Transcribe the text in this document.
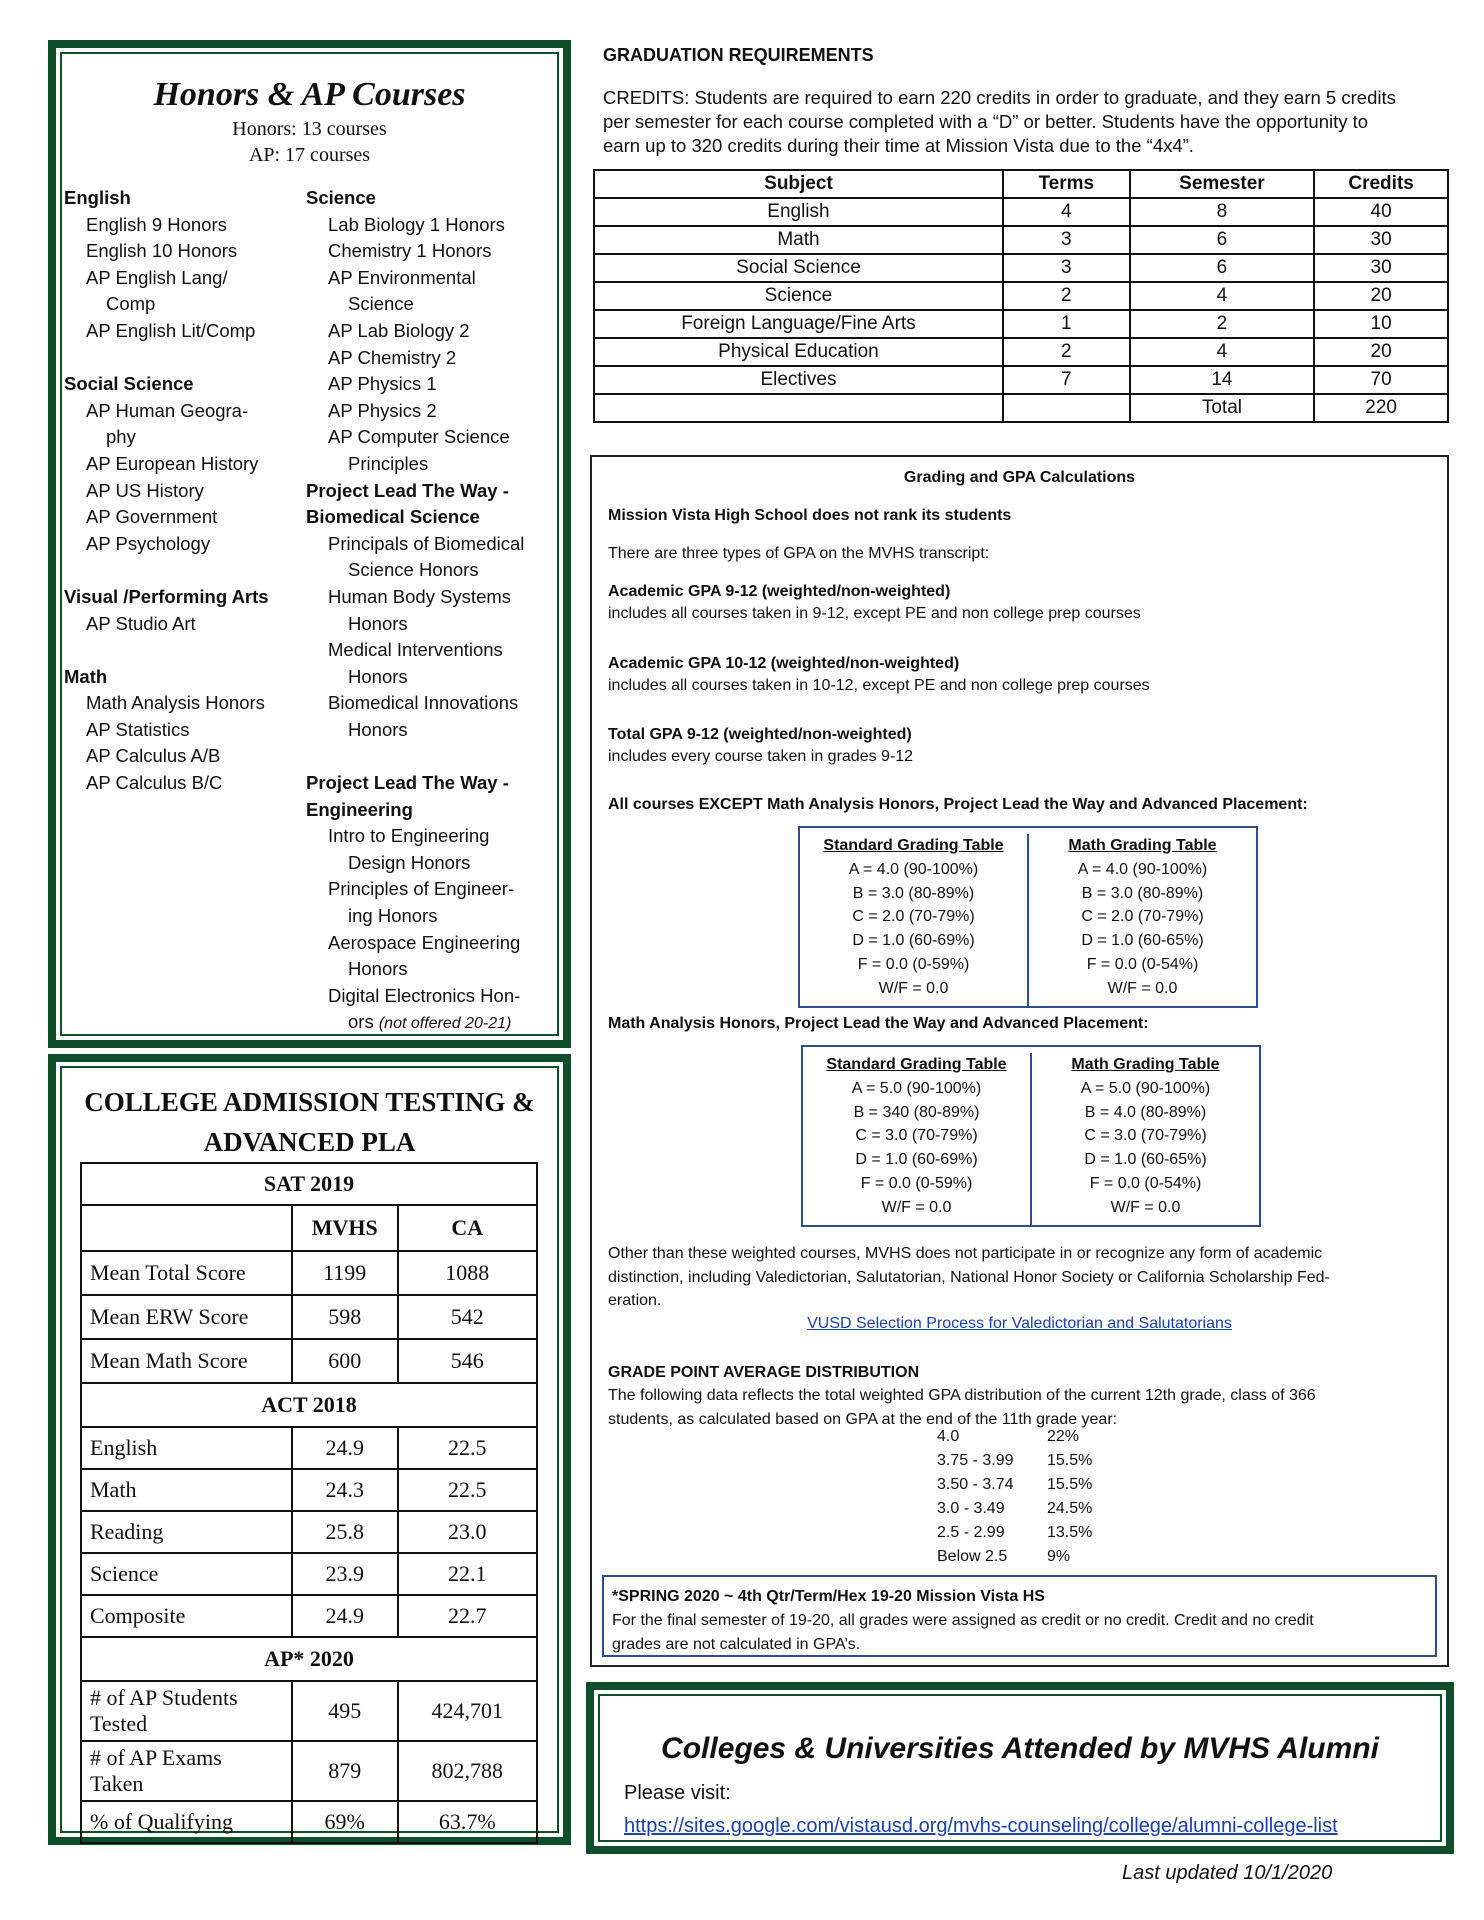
Honors & AP Courses
Honors: 13 courses
AP: 17 courses
English
English 9 Honors
English 10 Honors
AP English Lang/
Comp
AP English Lit/Comp
Social Science
AP Human Geogra-
phy
AP European History
AP US History
AP Government
AP Psychology
Visual /Performing Arts
AP Studio Art
Math
Math Analysis Honors
AP Statistics
AP Calculus A/B
AP Calculus B/C
Science
Lab Biology 1 Honors
Chemistry 1 Honors
AP Environmental
Science
AP Lab Biology 2
AP Chemistry 2
AP Physics 1
AP Physics 2
AP Computer Science
Principles
Project Lead The Way -
Biomedical Science
Principals of Biomedical
Science Honors
Human Body Systems
Honors
Medical Interventions
Honors
Biomedical Innovations
Honors
Project Lead The Way -
Engineering
Intro to Engineering
Design Honors
Principles of Engineer-
ing Honors
Aerospace Engineering
Honors
Digital Electronics Hon-
ors (not offered 20-21)
COLLEGE ADMISSION TESTING &
ADVANCED PLA
SAT 2019		
	MVHS	CA
Mean Total Score	1199	1088
Mean ERW Score	598	542
Mean Math Score	600	546
ACT 2018		
English	24.9	22.5
Math	24.3	22.5
Reading	25.8	23.0
Science	23.9	22.1
Composite	24.9	22.7
AP* 2020		

# of AP Students
Tested	495	424,701

# of AP Exams
Taken	879	802,788
% of Qualifying	69%	63.7%
GRADUATION REQUIREMENTS
CREDITS: Students are required to earn 220 credits in order to graduate, and they earn 5 credits
per semester for each course completed with a “D” or better. Students have the opportunity to
earn up to 320 credits during their time at Mission Vista due to the “4x4”.
Subject	Terms	Semester	Credits
English	4	8	40
Math	3	6	30
Social Science	3	6	30
Science	2	4	20
Foreign Language/Fine Arts	1	2	10
Physical Education	2	4	20
Electives	7	14	70
		Total	220
Grading and GPA Calculations
Mission Vista High School does not rank its students
There are three types of GPA on the MVHS transcript:
Academic GPA 9-12 (weighted/non-weighted)
includes all courses taken in 9-12, except PE and non college prep courses
Academic GPA 10-12 (weighted/non-weighted)
includes all courses taken in 10-12, except PE and non college prep courses
Total GPA 9-12 (weighted/non-weighted)
includes every course taken in grades 9-12
All courses EXCEPT Math Analysis Honors, Project Lead the Way and Advanced Placement:
Standard Grading Table
A = 4.0 (90-100%)
B = 3.0 (80-89%)
C = 2.0 (70-79%)
D = 1.0 (60-69%)
F = 0.0 (0-59%)
W/F = 0.0
Math Grading Table
A = 4.0 (90-100%)
B = 3.0 (80-89%)
C = 2.0 (70-79%)
D = 1.0 (60-65%)
F = 0.0 (0-54%)
W/F = 0.0
Math Analysis Honors, Project Lead the Way and Advanced Placement:
Standard Grading Table
A = 5.0 (90-100%)
B = 340 (80-89%)
C = 3.0 (70-79%)
D = 1.0 (60-69%)
F = 0.0 (0-59%)
W/F = 0.0
Math Grading Table
A = 5.0 (90-100%)
B = 4.0 (80-89%)
C = 3.0 (70-79%)
D = 1.0 (60-65%)
F = 0.0 (0-54%)
W/F = 0.0
Other than these weighted courses, MVHS does not participate in or recognize any form of academic
distinction, including Valedictorian, Salutatorian, National Honor Society or California Scholarship Fed-
eration.
VUSD Selection Process for Valedictorian and Salutatorians
GRADE POINT AVERAGE DISTRIBUTION
The following data reflects the total weighted GPA distribution of the current 12th grade, class of 366
students, as calculated based on GPA at the end of the 11th grade year:
4.0	22%
3.75 - 3.99 15.5%
3.50 - 3.74 15.5%
3.0 - 3.49	24.5%
2.5 - 2.99	13.5%
Below 2.5 9%
*SPRING 2020 ~ 4th Qtr/Term/Hex 19-20 Mission Vista HS
For the final semester of 19-20, all grades were assigned as credit or no credit. Credit and no credit
grades are not calculated in GPA’s.
Colleges & Universities Attended by MVHS Alumni
Please visit:
https://sites.google.com/vistausd.org/mvhs-counseling/college/alumni-college-list
Last updated 10/1/2020
